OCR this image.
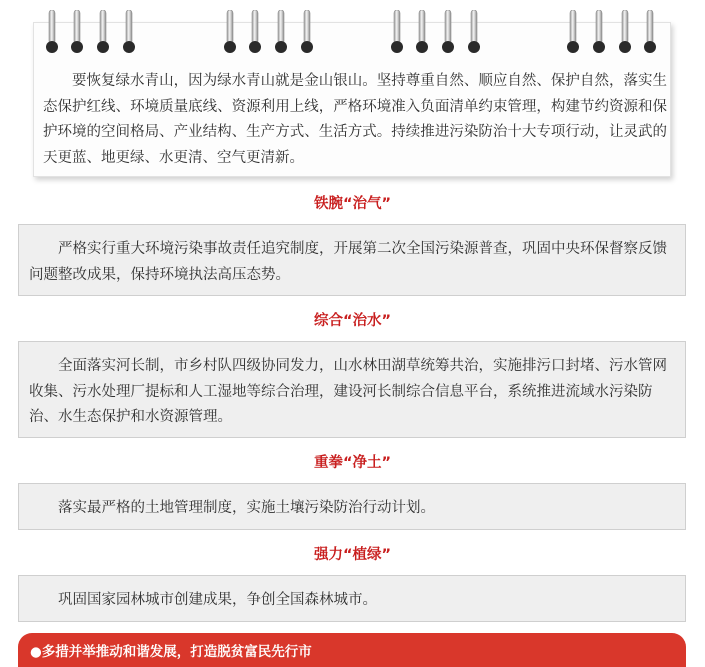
要恢复绿水青山，因为绿水青山就是金山银山。坚持尊重自然、顺应自然、保护自然，落实生态保护红线、环境质量底线、资源利用上线，严格环境准入负面清单约束管理，构建节约资源和保护环境的空间格局、产业结构、生产方式、生活方式。持续推进污染防治十大专项行动，让灵武的天更蓝、地更绿、水更清、空气更清新。

铁腕“治气”

严格实行重大环境污染事故责任追究制度，开展第二次全国污染源普查，巩固中央环保督察反馈问题整改成果，保持环境执法高压态势。

综合“治水”

全面落实河长制，市乡村队四级协同发力，山水林田湖草统筹共治，实施排污口封堵、污水管网收集、污水处理厂提标和人工湿地等综合治理，建设河长制综合信息平台，系统推进流域水污染防治、水生态保护和水资源管理。

重拳“净土”

落实最严格的土地管理制度，实施土壤污染防治行动计划。

强力“植绿”

巩固国家园林城市创建成果，争创全国森林城市。

●多措并举推动和谐发展，打造脱贫富民先行市
